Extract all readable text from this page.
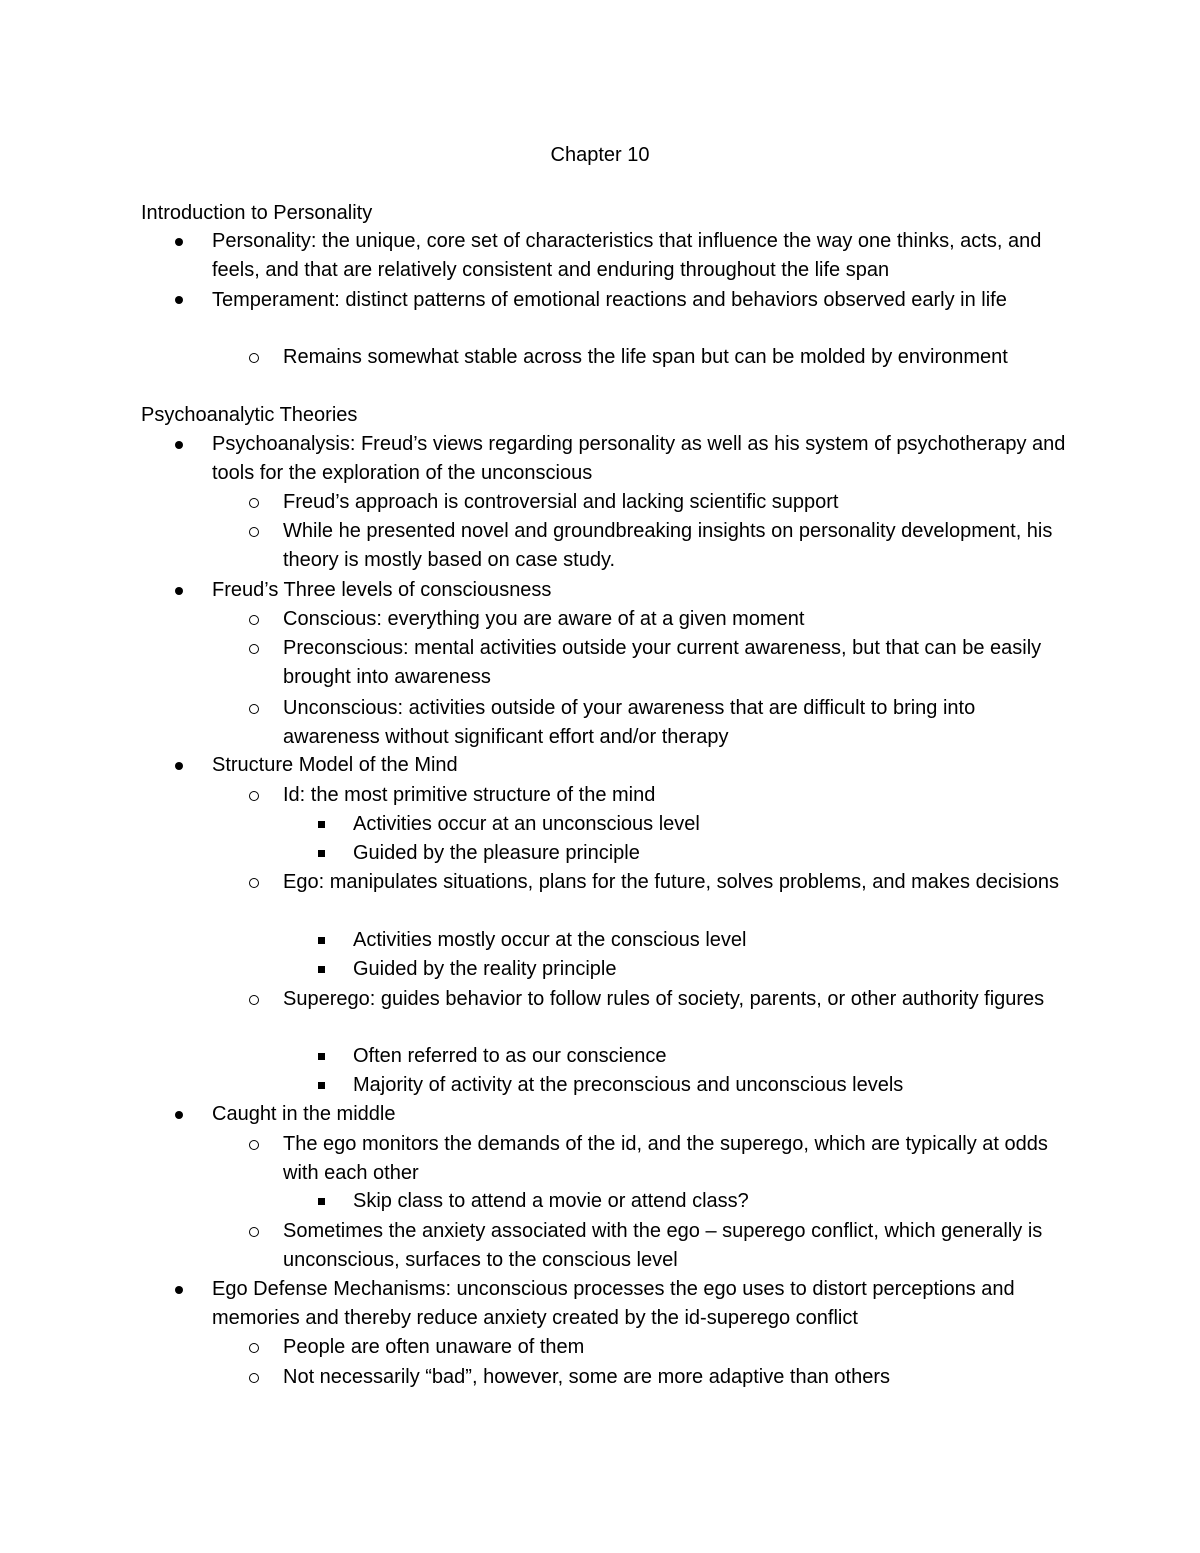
Chapter 10
Introduction to Personality
Personality: the unique, core set of characteristics that influence the way one thinks, acts, and feels, and that are relatively consistent and enduring throughout the life span
Temperament: distinct patterns of emotional reactions and behaviors observed early in life
Remains somewhat stable across the life span but can be molded by environment
Psychoanalytic Theories
Psychoanalysis: Freud’s views regarding personality as well as his system of psychotherapy and tools for the exploration of the unconscious
Freud’s approach is controversial and lacking scientific support
While he presented novel and groundbreaking insights on personality development, his theory is mostly based on case study.
Freud’s Three levels of consciousness
Conscious: everything you are aware of at a given moment
Preconscious: mental activities outside your current awareness, but that can be easily brought into awareness
Unconscious: activities outside of your awareness that are difficult to bring into awareness without significant effort and/or therapy
Structure Model of the Mind
Id: the most primitive structure of the mind
Activities occur at an unconscious level
Guided by the pleasure principle
Ego: manipulates situations, plans for the future, solves problems, and makes decisions
Activities mostly occur at the conscious level
Guided by the reality principle
Superego: guides behavior to follow rules of society, parents, or other authority figures
Often referred to as our conscience
Majority of activity at the preconscious and unconscious levels
Caught in the middle
The ego monitors the demands of the id, and the superego, which are typically at odds with each other
Skip class to attend a movie or attend class?
Sometimes the anxiety associated with the ego – superego conflict, which generally is unconscious, surfaces to the conscious level
Ego Defense Mechanisms: unconscious processes the ego uses to distort perceptions and memories and thereby reduce anxiety created by the id-superego conflict
People are often unaware of them
Not necessarily “bad”, however, some are more adaptive than others
